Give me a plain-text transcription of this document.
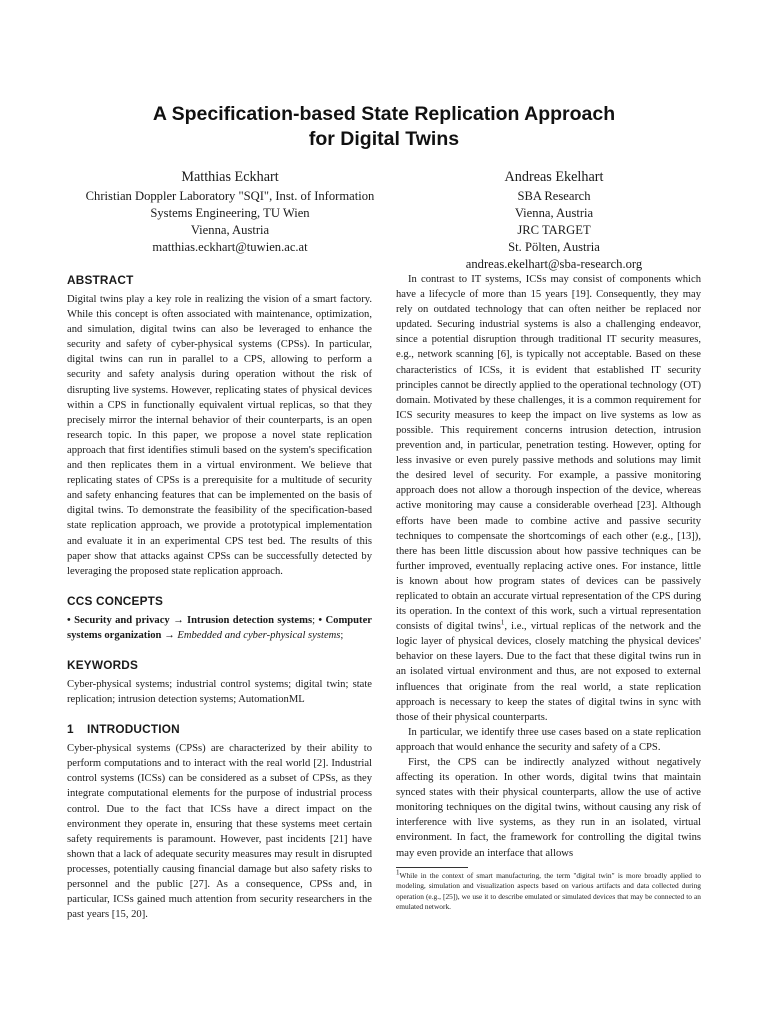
A Specification-based State Replication Approach
for Digital Twins
Matthias Eckhart
Christian Doppler Laboratory "SQI", Inst. of Information
Systems Engineering, TU Wien
Vienna, Austria
matthias.eckhart@tuwien.ac.at
Andreas Ekelhart
SBA Research
Vienna, Austria
JRC TARGET
St. Pölten, Austria
andreas.ekelhart@sba-research.org
ABSTRACT

Digital twins play a key role in realizing the vision of a smart factory. While this concept is often associated with maintenance, optimization, and simulation, digital twins can also be leveraged to enhance the security and safety of cyber-physical systems (CPSs). In particular, digital twins can run in parallel to a CPS, allowing to perform a security and safety analysis during operation without the risk of disrupting live systems. However, replicating states of physical devices within a CPS in functionally equivalent virtual replicas, so that they precisely mirror the internal behavior of their counterparts, is an open research topic. In this paper, we propose a novel state replication approach that first identifies stimuli based on the system's specification and then replicates them in a virtual environment. We believe that replicating states of CPSs is a prerequisite for a multitude of security and safety enhancing features that can be implemented on the basis of digital twins. To demonstrate the feasibility of the specification-based state replication approach, we provide a prototypical implementation and evaluate it in an experimental CPS test bed. The results of this paper show that attacks against CPSs can be successfully detected by leveraging the proposed state replication approach.

CCS CONCEPTS

• Security and privacy → Intrusion detection systems; • Computer systems organization → Embedded and cyber-physical systems;

KEYWORDS

Cyber-physical systems; industrial control systems; digital twin; state replication; intrusion detection systems; AutomationML

1 INTRODUCTION

Cyber-physical systems (CPSs) are characterized by their ability to perform computations and to interact with the real world [2]. Industrial control systems (ICSs) can be considered as a subset of CPSs, as they integrate computational elements for the purpose of industrial process control. Due to the fact that ICSs have a direct impact on the environment they operate in, ensuring that these systems meet certain safety requirements is paramount. However, past incidents [21] have shown that a lack of adequate security measures may result in disrupted processes, potentially causing financial damage but also safety risks to personnel and the public [27]. As a consequence, CPSs and, in particular, ICSs gained much attention from security researchers in the past years [15, 20].

In contrast to IT systems, ICSs may consist of components which have a lifecycle of more than 15 years [19]. Consequently, they may rely on outdated technology that can often neither be replaced nor updated. Securing industrial systems is also a challenging endeavor, since a potential disruption through traditional IT security measures, e.g., network scanning [6], is typically not acceptable. Based on these characteristics of ICSs, it is evident that established IT security principles cannot be directly applied to the operational technology (OT) domain. Motivated by these challenges, it is a common requirement for ICS security measures to keep the impact on live systems as low as possible. This requirement concerns intrusion detection, intrusion prevention and, in particular, penetration testing. However, opting for less invasive or even purely passive methods and solutions may limit the desired level of security. For example, a passive monitoring approach does not allow a thorough inspection of the device, whereas active monitoring may cause a considerable overhead [23]. Although efforts have been made to combine active and passive security techniques to compensate the shortcomings of each other (e.g., [13]), there has been little discussion about how passive techniques can be further improved, eventually replacing active ones. For instance, little is known about how program states of devices can be passively replicated to obtain an accurate virtual representation of the CPS during its operation. In the context of this work, such a virtual representation consists of digital twins$^1$, i.e., virtual replicas of the network and the logic layer of physical devices, closely matching the physical devices' behavior on these layers. Due to the fact that these digital twins run in an isolated virtual environment and thus, are not exposed to external influences that originate from the real world, a state replication approach is necessary to keep the states of digital twins in sync with those of their physical counterparts.

In particular, we identify three use cases based on a state replication approach that would enhance the security and safety of a CPS.

First, the CPS can be indirectly analyzed without negatively affecting its operation. In other words, digital twins that maintain synced states with their physical counterparts, allow the use of active monitoring techniques on the digital twins, without causing any risk of interference with live systems, as they run in an isolated, virtual environment. In fact, the framework for controlling the digital twins may even provide an interface that allows

$^1$While in the context of smart manufacturing, the term "digital twin" is more broadly applied to modeling, simulation and visualization aspects based on various artifacts and data collected during operation (e.g., [25]), we use it to describe emulated or simulated devices that may be connected to an emulated network.
